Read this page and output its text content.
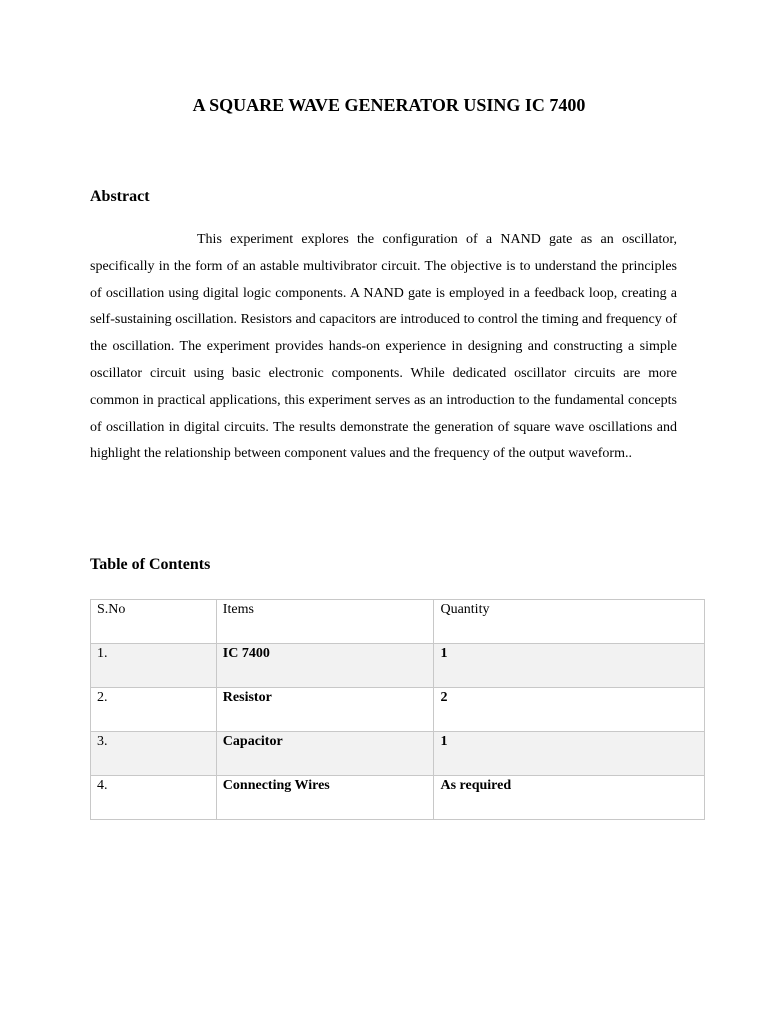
A SQUARE WAVE GENERATOR USING IC 7400
Abstract

This experiment explores the configuration of a NAND gate as an oscillator, specifically in the form of an astable multivibrator circuit. The objective is to understand the principles of oscillation using digital logic components. A NAND gate is employed in a feedback loop, creating a self-sustaining oscillation. Resistors and capacitors are introduced to control the timing and frequency of the oscillation. The experiment provides hands-on experience in designing and constructing a simple oscillator circuit using basic electronic components. While dedicated oscillator circuits are more common in practical applications, this experiment serves as an introduction to the fundamental concepts of oscillation in digital circuits. The results demonstrate the generation of square wave oscillations and highlight the relationship between component values and the frequency of the output waveform..

Table of Contents
S.No	Items	Quantity
1.	IC 7400	1
2.	Resistor	2
3.	Capacitor	1
4.	Connecting Wires	As required
